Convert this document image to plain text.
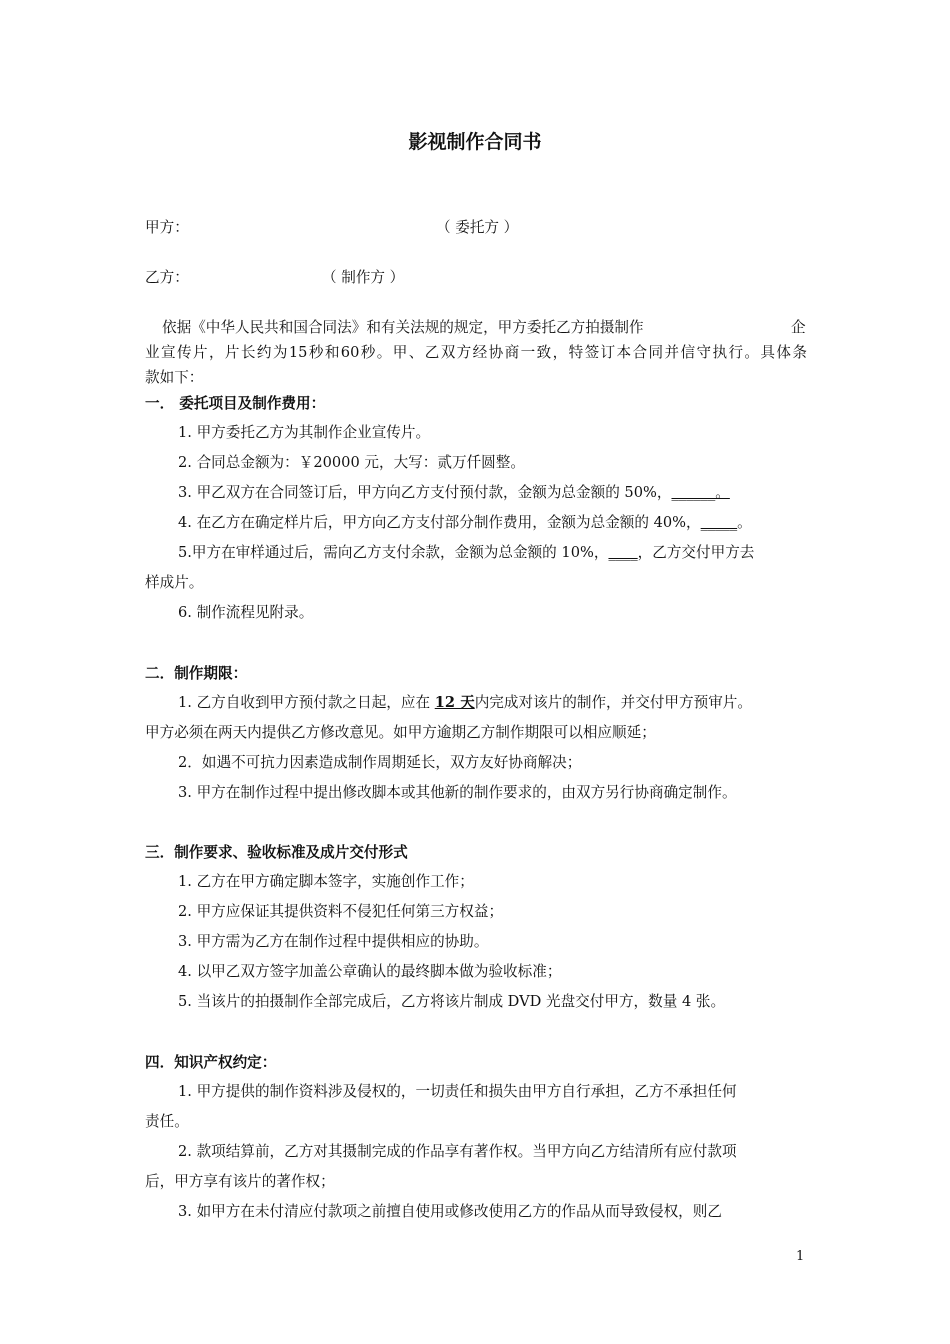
影视制作合同书
甲方：	（ 委托方 ）
乙方：	（ 制作方 ）
依据《中华人民共和国合同法》和有关法规的规定，甲方委托乙方拍摄制作	企
业宣传片，片长约为15秒和60秒。甲、乙双方经协商一致，特签订本合同并信守执行。具体条
款如下：
一． 委托项目及制作费用：
1. 甲方委托乙方为其制作企业宣传片。
2. 合同总金额为：￥20000 元，大写：贰万仟圆整。
3. 甲乙双方在合同签订后，甲方向乙方支付预付款，金额为总金额的 50%，______。
4. 在乙方在确定样片后，甲方向乙方支付部分制作费用，金额为总金额的 40%，_____。
5.甲方在审样通过后，需向乙方支付余款，金额为总金额的 10%，____，乙方交付甲方去
样成片。
6. 制作流程见附录。
二．制作期限：
1. 乙方自收到甲方预付款之日起，应在 12 天内完成对该片的制作，并交付甲方预审片。
甲方必须在两天内提供乙方修改意见。如甲方逾期乙方制作期限可以相应顺延；
2．如遇不可抗力因素造成制作周期延长，双方友好协商解决；
3. 甲方在制作过程中提出修改脚本或其他新的制作要求的，由双方另行协商确定制作。
三．制作要求、验收标准及成片交付形式
1. 乙方在甲方确定脚本签字，实施创作工作；
2. 甲方应保证其提供资料不侵犯任何第三方权益；
3. 甲方需为乙方在制作过程中提供相应的协助。
4. 以甲乙双方签字加盖公章确认的最终脚本做为验收标准；
5. 当该片的拍摄制作全部完成后，乙方将该片制成 DVD 光盘交付甲方，数量 4 张。
四．知识产权约定：
1. 甲方提供的制作资料涉及侵权的，一切责任和损失由甲方自行承担，乙方不承担任何
责任。
2. 款项结算前，乙方对其摄制完成的作品享有著作权。当甲方向乙方结清所有应付款项
后，甲方享有该片的著作权；
3. 如甲方在未付清应付款项之前擅自使用或修改使用乙方的作品从而导致侵权，则乙
1
